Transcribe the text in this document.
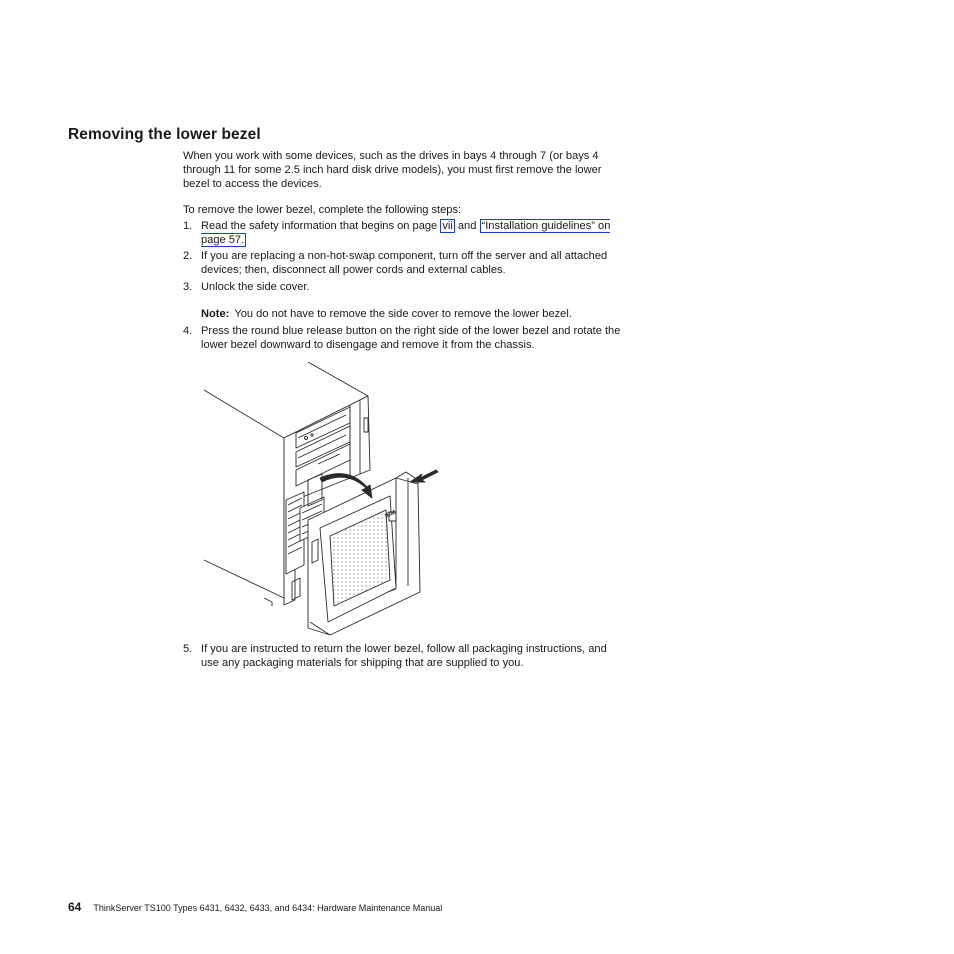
Removing the lower bezel

When you work with some devices, such as the drives in bays 4 through 7 (or bays 4 through 11 for some 2.5 inch hard disk drive models), you must first remove the lower bezel to access the devices.

To remove the lower bezel, complete the following steps:

1. Read the safety information that begins on page vii and “Installation guidelines” on page 57.
2. If you are replacing a non-hot-swap component, turn off the server and all attached devices; then, disconnect all power cords and external cables.
3. Unlock the side cover.
Note: You do not have to remove the side cover to remove the lower bezel.
4. Press the round blue release button on the right side of the lower bezel and rotate the lower bezel downward to disengage and remove it from the chassis.
IBM
5. If you are instructed to return the lower bezel, follow all packaging instructions, and use any packaging materials for shipping that are supplied to you.
64 ThinkServer TS100 Types 6431, 6432, 6433, and 6434: Hardware Maintenance Manual
